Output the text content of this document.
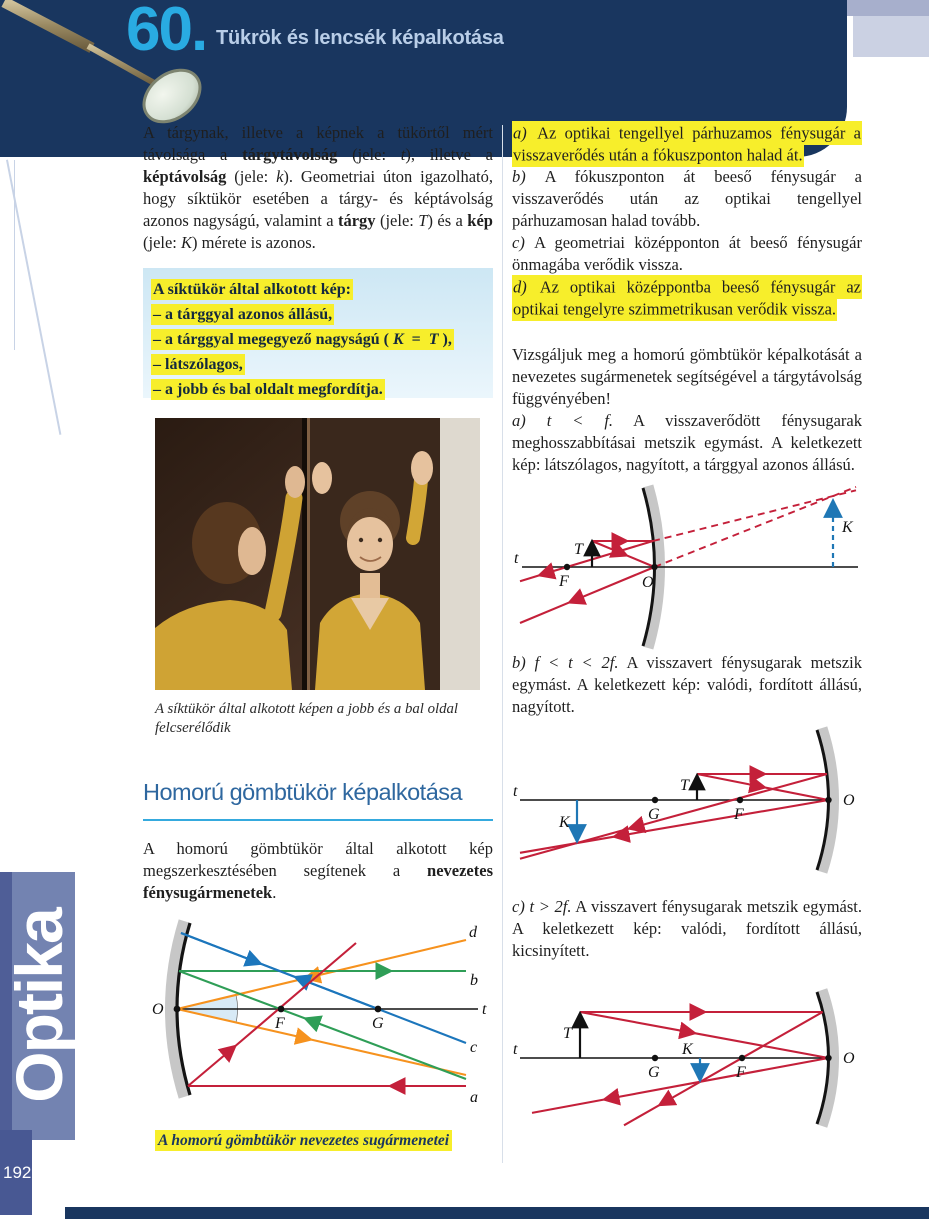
60. Tükrök és lencsék képalkotása
Optika
192
A tárgynak, illetve a képnek a tükörtől mért távolsága a tárgytávolság (jele: t), illetve a képtávolság (jele: k). Geometriai úton igazolható, hogy síktükör esetében a tárgy- és képtávolság azonos nagyságú, valamint a tárgy (jele: T) és a kép (jele: K) mérete is azonos.
A síktükör által alkotott kép:
– a tárggyal azonos állású,
– a tárggyal megegyező nagyságú ( K = T ),
– látszólagos,
– a jobb és bal oldalt megfordítja.
A síktükör által alkotott képen a jobb és a bal oldal felcserélődik
Homorú gömbtükör képalkotása
A homorú gömbtükör által alkotott kép megszerkesztésében segítenek a nevezetes fénysugármenetek.
O
F	G
t
d
b
c
a
A homorú gömbtükör nevezetes sugármenetei
a) Az optikai tengellyel párhuzamos fénysugár a visszaverődés után a fókuszponton halad át.
b) A fókuszponton át beeső fénysugár a visszaverődés után az optikai tengellyel párhuzamosan halad tovább.
c) A geometriai középponton át beeső fénysugár önmagába verődik vissza.
d) Az optikai középpontba beeső fénysugár az optikai tengelyre szimmetrikusan verődik vissza.
Vizsgáljuk meg a homorú gömbtükör képalkotását a nevezetes sugármenetek segítségével a tárgytávolság függvényében!
a) t < f. A visszaverődött fénysugarak meghosszabbításai metszik egymást. A keletkezett kép: látszólagos, nagyított, a tárggyal azonos állású.
t
F	O
T
K
b) f < t < 2f. A visszavert fénysugarak metszik egymást. A keletkezett kép: valódi, fordított állású, nagyított.
t
G	F
O
T
K
c) t > 2f. A visszavert fénysugarak metszik egymást. A keletkezett kép: valódi, fordított állású, kicsinyített.
t
G	F
O
T
K
